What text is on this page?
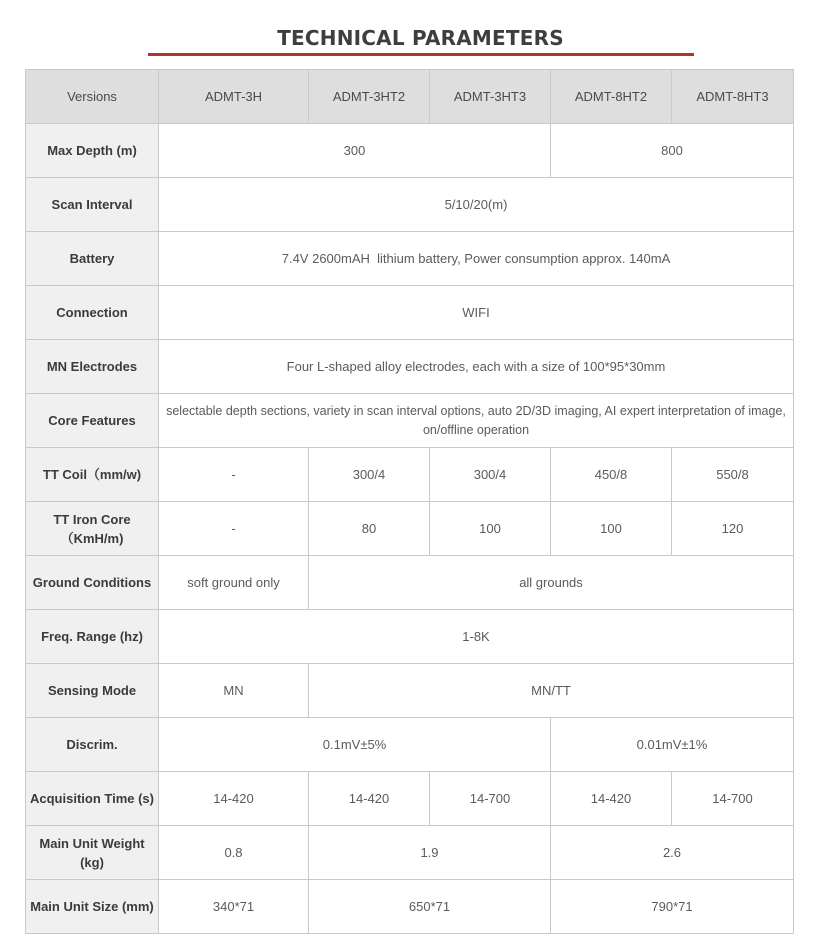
TECHNICAL PARAMETERS
Versions	ADMT-3H	ADMT-3HT2	ADMT-3HT3	ADMT-8HT2	ADMT-8HT3
Max Depth (m)	300			800	
Scan Interval	5/10/20(m)				
Battery	7.4V 2600mAH  lithium battery, Power consumption approx. 140mA				
Connection	WIFI				
MN Electrodes	Four L-shaped alloy electrodes, each with a size of 100*95*30mm				
Core Features	selectable depth sections, variety in scan interval options, auto 2D/3D imaging, AI expert interpretation of image, on/offline operation				
TT Coil（mm/w)	-	300/4	300/4	450/8	550/8
TT Iron Core（KmH/m)	-	80	100	100	120
Ground Conditions	soft ground only	all grounds			
Freq. Range (hz)	1-8K				
Sensing Mode	MN	MN/TT			
Discrim.	0.1mV±5%			0.01mV±1%	
Acquisition Time (s)	14-420	14-420	14-700	14-420	14-700
Main Unit Weight (kg)	0.8	1.9		2.6	
Main Unit Size (mm)	340*71	650*71		790*71	
